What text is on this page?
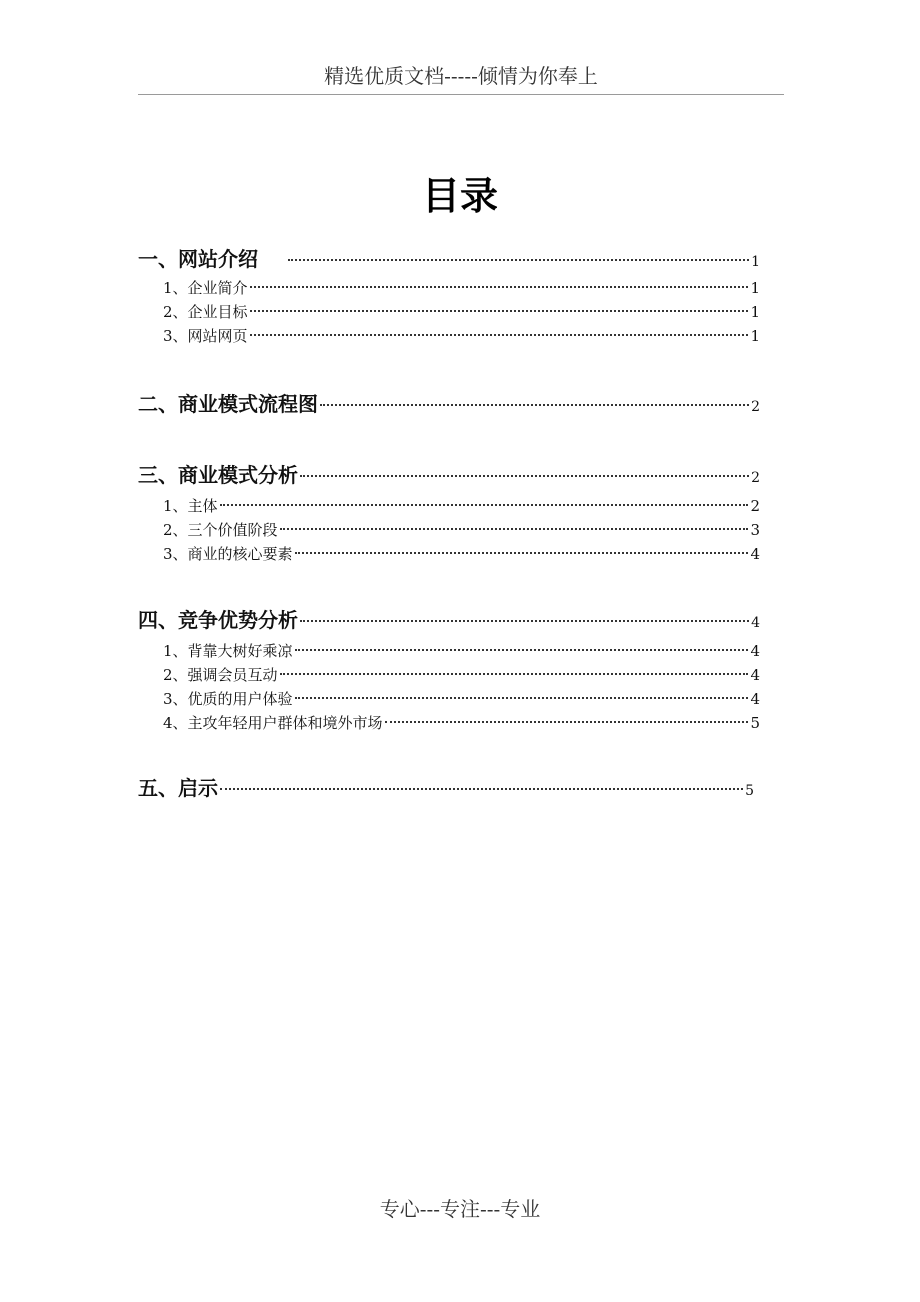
精选优质文档-----倾情为你奉上
目录
一、网站介绍	1
1、企业简介	1
2、企业目标	1
3、网站网页	1
二、商业模式流程图	2
三、商业模式分析	2
1、主体	2
2、三个价值阶段	3
3、商业的核心要素	4
四、竞争优势分析	4
1、背靠大树好乘凉	4
2、强调会员互动	4
3、优质的用户体验	4
4、主攻年轻用户群体和境外市场	5
五、启示	5
专心---专注---专业
